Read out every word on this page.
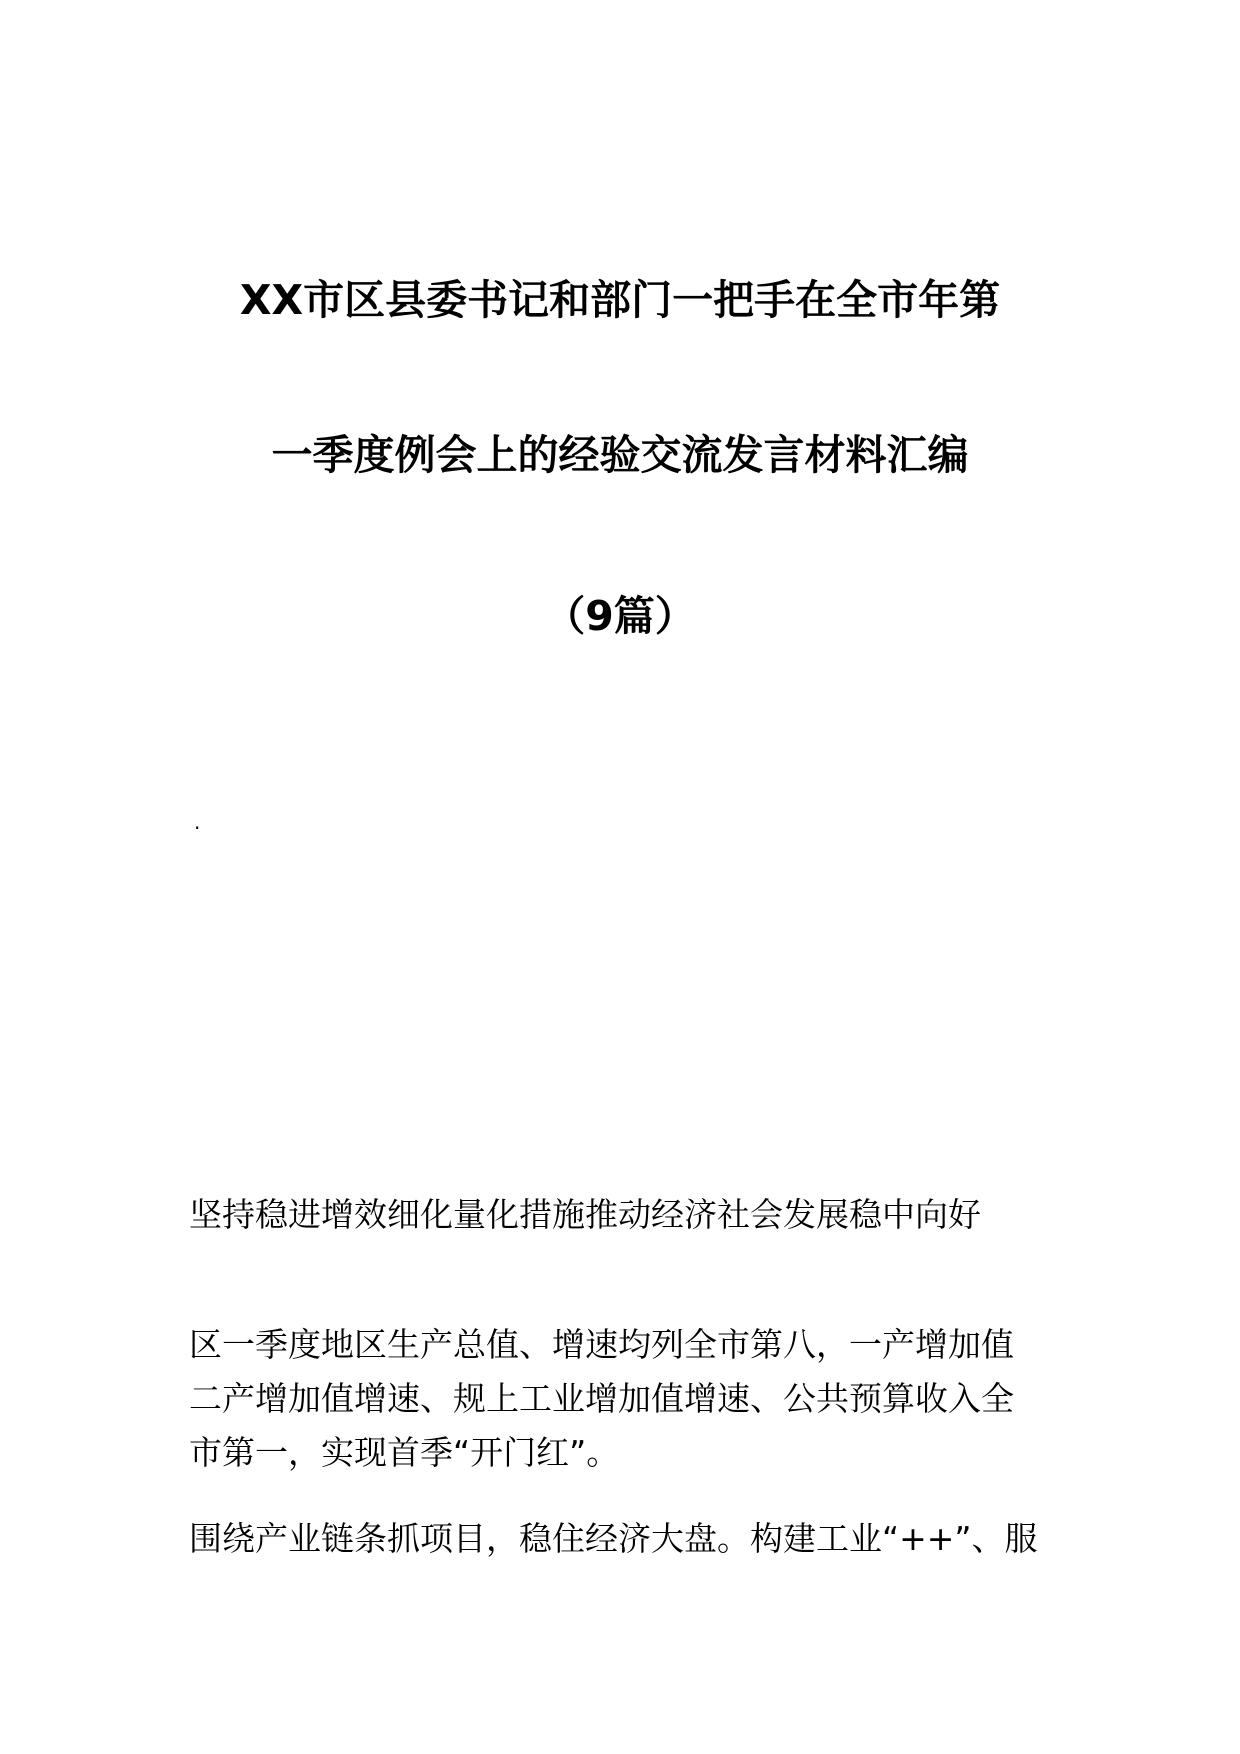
XX市区县委书记和部门一把手在全市年第
一季度例会上的经验交流发言材料汇编
（9篇）
·
坚持稳进增效细化量化措施推动经济社会发展稳中向好
区一季度地区生产总值、增速均列全市第八，一产增加值
二产增加值增速、规上工业增加值增速、公共预算收入全
市第一，实现首季“开门红”。
围绕产业链条抓项目，稳住经济大盘。构建工业“++”、服
